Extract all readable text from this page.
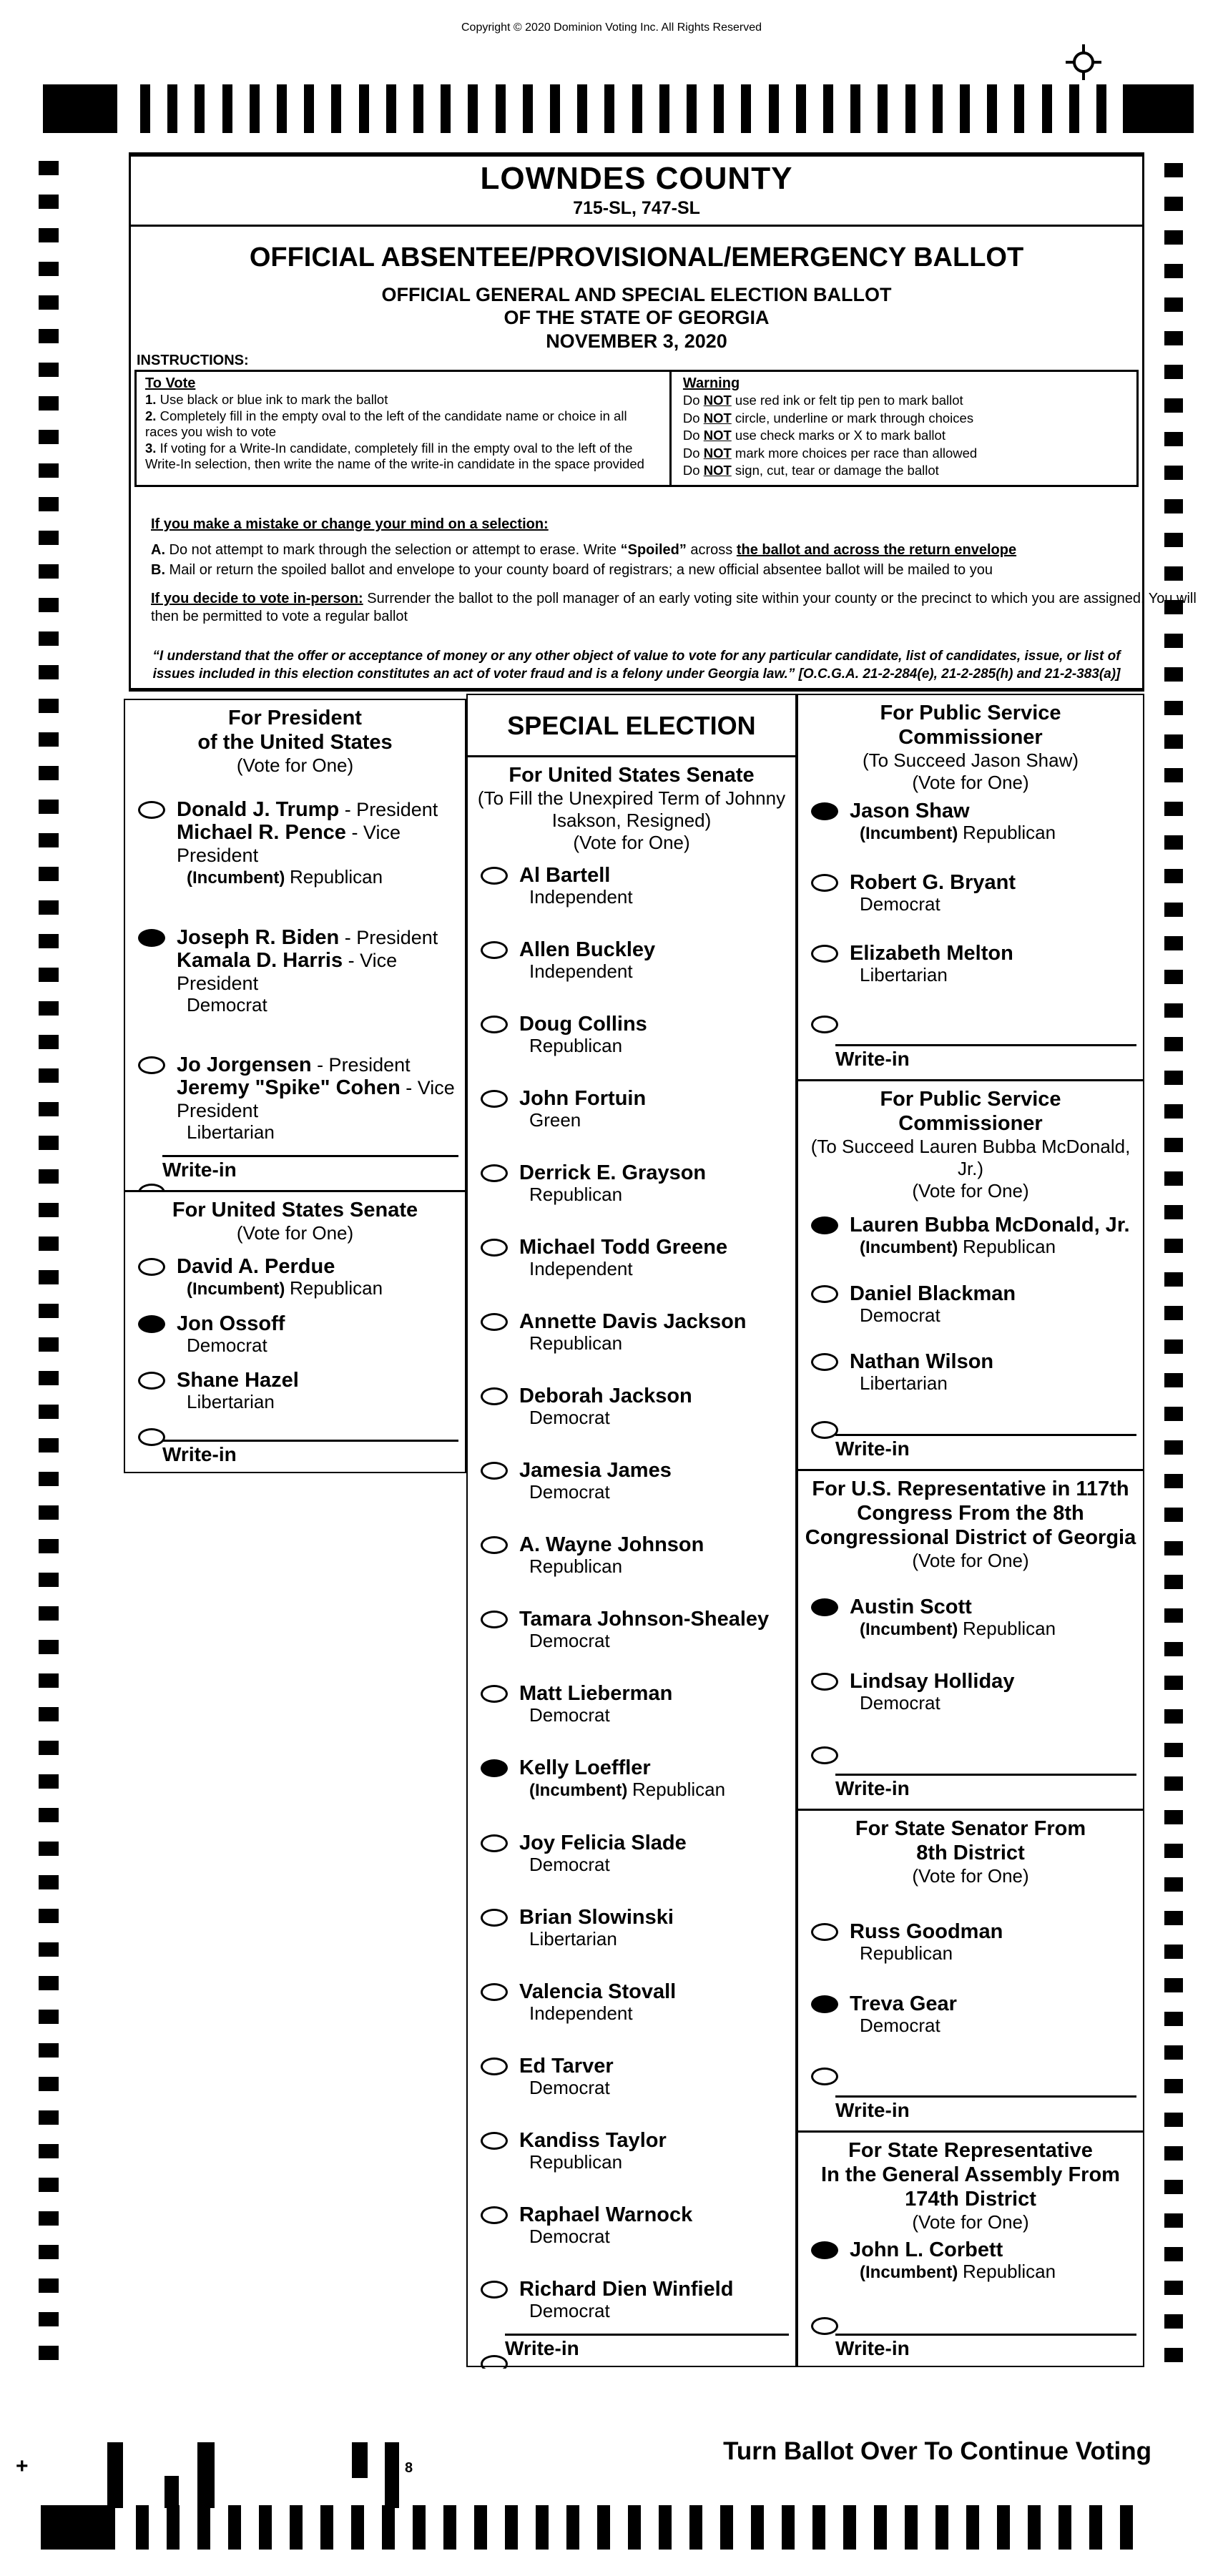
Copyright © 2020 Dominion Voting Inc. All Rights Reserved
LOWNDES COUNTY
715-SL, 747-SL
OFFICIAL ABSENTEE/PROVISIONAL/EMERGENCY BALLOT
OFFICIAL GENERAL AND SPECIAL ELECTION BALLOT
OF THE STATE OF GEORGIA
NOVEMBER 3, 2020
INSTRUCTIONS:
To Vote
1. Use black or blue ink to mark the ballot
2. Completely fill in the empty oval to the left of the candidate name or choice in all races you wish to vote
3. If voting for a Write-In candidate, completely fill in the empty oval to the left of the Write-In selection, then write the name of the write-in candidate in the space provided
Warning
Do NOT use red ink or felt tip pen to mark ballot
Do NOT circle, underline or mark through choices
Do NOT use check marks or X to mark ballot
Do NOT mark more choices per race than allowed
Do NOT sign, cut, tear or damage the ballot
If you make a mistake or change your mind on a selection:
A. Do not attempt to mark through the selection or attempt to erase. Write “Spoiled” across the ballot and across the return envelope
B. Mail or return the spoiled ballot and envelope to your county board of registrars; a new official absentee ballot will be mailed to you
If you decide to vote in-person: Surrender the ballot to the poll manager of an early voting site within your county or the precinct to which you are assigned. You will then be permitted to vote a regular ballot
“I understand that the offer or acceptance of money or any other object of value to vote for any particular candidate, list of candidates, issue, or list of issues included in this election constitutes an act of voter fraud and is a felony under Georgia law.” [O.C.G.A. 21-2-284(e), 21-2-285(h) and 21-2-383(a)]
For President
of the United States
(Vote for One)
Donald J. Trump - President
Michael R. Pence - Vice President
(Incumbent) Republican
Joseph R. Biden - President
Kamala D. Harris - Vice President
Democrat
Jo Jorgensen - President
Jeremy "Spike" Cohen - Vice President
Libertarian
Write-in
For United States Senate
(Vote for One)
David A. Perdue
(Incumbent) Republican
Jon Ossoff
Democrat
Shane Hazel
Libertarian
Write-in
SPECIAL ELECTION
For United States Senate
(To Fill the Unexpired Term of Johnny
Isakson, Resigned)
(Vote for One)
Al Bartell
Independent
Allen Buckley
Independent
Doug Collins
Republican
John Fortuin
Green
Derrick E. Grayson
Republican
Michael Todd Greene
Independent
Annette Davis Jackson
Republican
Deborah Jackson
Democrat
Jamesia James
Democrat
A. Wayne Johnson
Republican
Tamara Johnson-Shealey
Democrat
Matt Lieberman
Democrat
Kelly Loeffler
(Incumbent) Republican
Joy Felicia Slade
Democrat
Brian Slowinski
Libertarian
Valencia Stovall
Independent
Ed Tarver
Democrat
Kandiss Taylor
Republican
Raphael Warnock
Democrat
Richard Dien Winfield
Democrat
Write-in
For Public Service
Commissioner
(To Succeed Jason Shaw)
(Vote for One)
Jason Shaw
(Incumbent) Republican
Robert G. Bryant
Democrat
Elizabeth Melton
Libertarian
Write-in
For Public Service
Commissioner
(To Succeed Lauren Bubba McDonald, Jr.)
(Vote for One)
Lauren Bubba McDonald, Jr.
(Incumbent) Republican
Daniel Blackman
Democrat
Nathan Wilson
Libertarian
Write-in
For U.S. Representative in 117th
Congress From the 8th
Congressional District of Georgia
(Vote for One)
Austin Scott
(Incumbent) Republican
Lindsay Holliday
Democrat
Write-in
For State Senator From
8th District
(Vote for One)
Russ Goodman
Republican
Treva Gear
Democrat
Write-in
For State Representative
In the General Assembly From
174th District
(Vote for One)
John L. Corbett
(Incumbent) Republican
Write-in
Turn Ballot Over To Continue Voting
+	8
